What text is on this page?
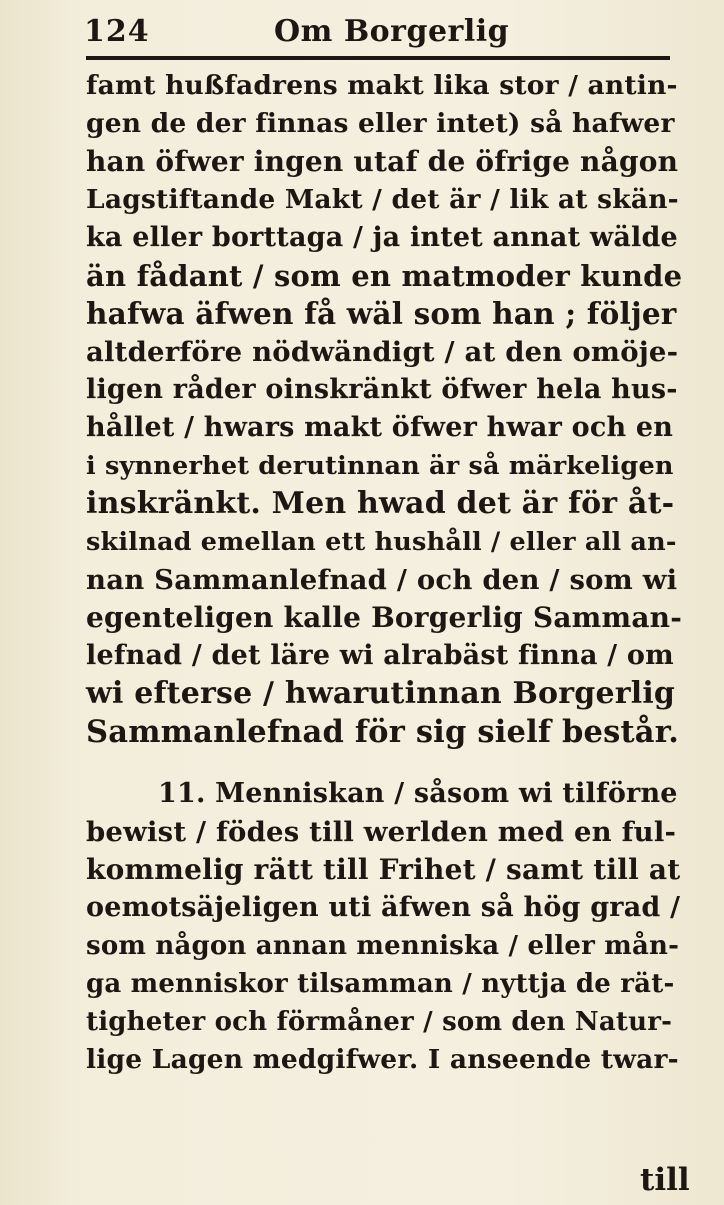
124	Om Borgerlig
famt hußfadrens makt lika stor / antin-
gen de der finnas eller intet) så hafwer
han öfwer ingen utaf de öfrige någon
Lagstiftande Makt / det är / lik at skän-
ka eller borttaga / ja intet annat wälde
än fådant / som en matmoder kunde
hafwa äfwen få wäl som han ; följer
altderföre nödwändigt / at den omöje-
ligen råder oinskränkt öfwer hela hus-
hållet / hwars makt öfwer hwar och en
i synnerhet derutinnan är så märkeligen
inskränkt. Men hwad det är för åt-
skilnad emellan ett hushåll / eller all an-
nan Sammanlefnad / och den / som wi
egenteligen kalle Borgerlig Samman-
lefnad / det läre wi alrabäst finna / om
wi efterse / hwarutinnan Borgerlig
Sammanlefnad för sig sielf består.
11. Menniskan / såsom wi tilförne
bewist / födes till werlden med en ful-
kommelig rätt till Frihet / samt till at
oemotsäjeligen uti äfwen så hög grad /
som någon annan menniska / eller mån-
ga menniskor tilsamman / nyttja de rät-
tigheter och förmåner / som den Natur-
lige Lagen medgifwer. I anseende twar-
till
